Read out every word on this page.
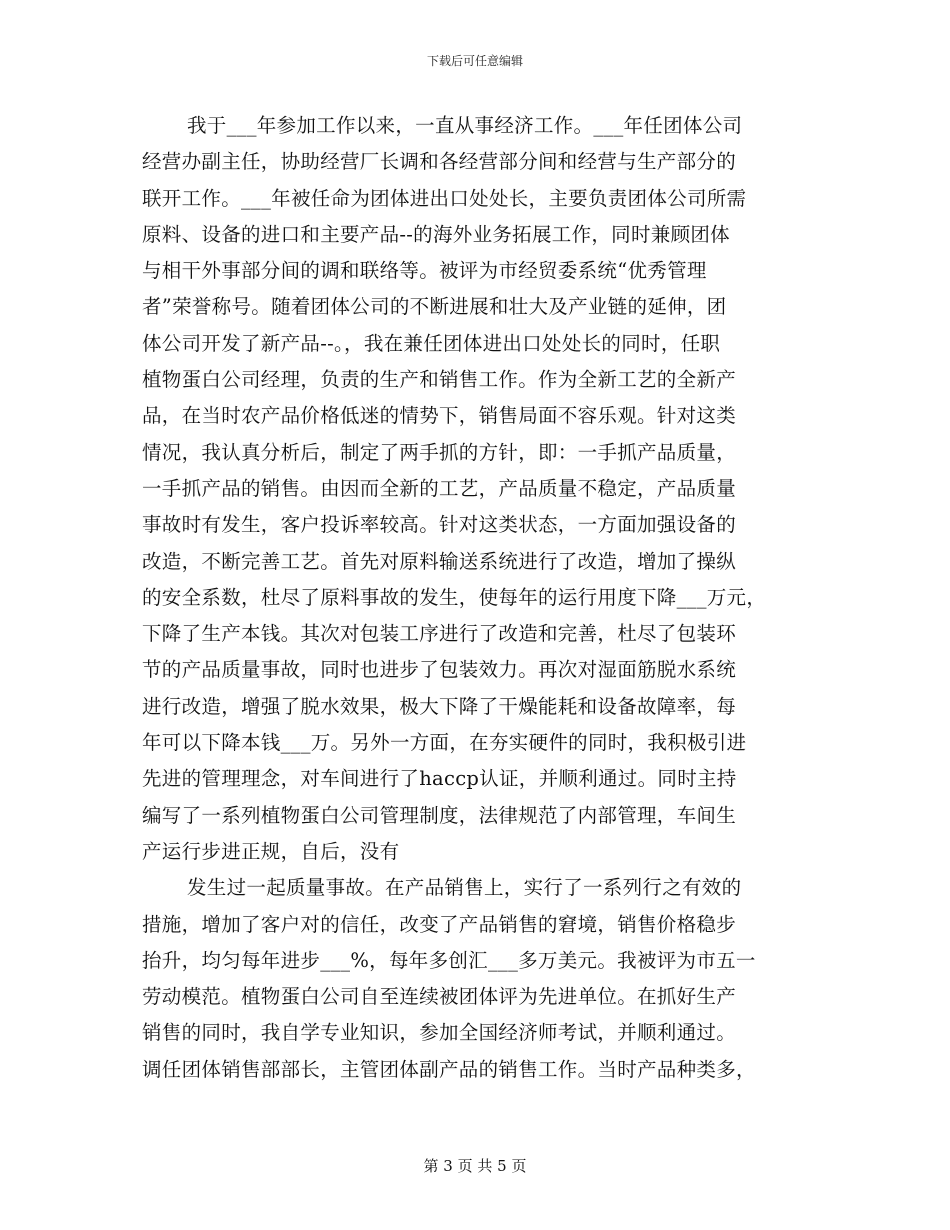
下载后可任意编辑
我于___年参加工作以来，一直从事经济工作。___年任团体公司
经营办副主任，协助经营厂长调和各经营部分间和经营与生产部分的
联开工作。___年被任命为团体进出口处处长，主要负责团体公司所需
原料、设备的进口和主要产品--的海外业务拓展工作，同时兼顾团体
与相干外事部分间的调和联络等。被评为市经贸委系统“优秀管理
者”荣誉称号。随着团体公司的不断进展和壮大及产业链的延伸，团
体公司开发了新产品--。，我在兼任团体进出口处处长的同时，任职
植物蛋白公司经理，负责的生产和销售工作。作为全新工艺的全新产
品，在当时农产品价格低迷的情势下，销售局面不容乐观。针对这类
情况，我认真分析后，制定了两手抓的方针，即：一手抓产品质量，
一手抓产品的销售。由因而全新的工艺，产品质量不稳定，产品质量
事故时有发生，客户投诉率较高。针对这类状态，一方面加强设备的
改造，不断完善工艺。首先对原料输送系统进行了改造，增加了操纵
的安全系数，杜尽了原料事故的发生，使每年的运行用度下降___万元，
下降了生产本钱。其次对包装工序进行了改造和完善，杜尽了包装环
节的产品质量事故，同时也进步了包装效力。再次对湿面筋脱水系统
进行改造，增强了脱水效果，极大下降了干燥能耗和设备故障率，每
年可以下降本钱___万。另外一方面，在夯实硬件的同时，我积极引进
先进的管理理念，对车间进行了haccp认证，并顺利通过。同时主持
编写了一系列植物蛋白公司管理制度，法律规范了内部管理，车间生
产运行步进正规，自后，没有
发生过一起质量事故。在产品销售上，实行了一系列行之有效的
措施，增加了客户对的信任，改变了产品销售的窘境，销售价格稳步
抬升，均匀每年进步___%，每年多创汇___多万美元。我被评为市五一
劳动模范。植物蛋白公司自至连续被团体评为先进单位。在抓好生产
销售的同时，我自学专业知识，参加全国经济师考试，并顺利通过。
调任团体销售部部长，主管团体副产品的销售工作。当时产品种类多，
第 3 页 共 5 页
